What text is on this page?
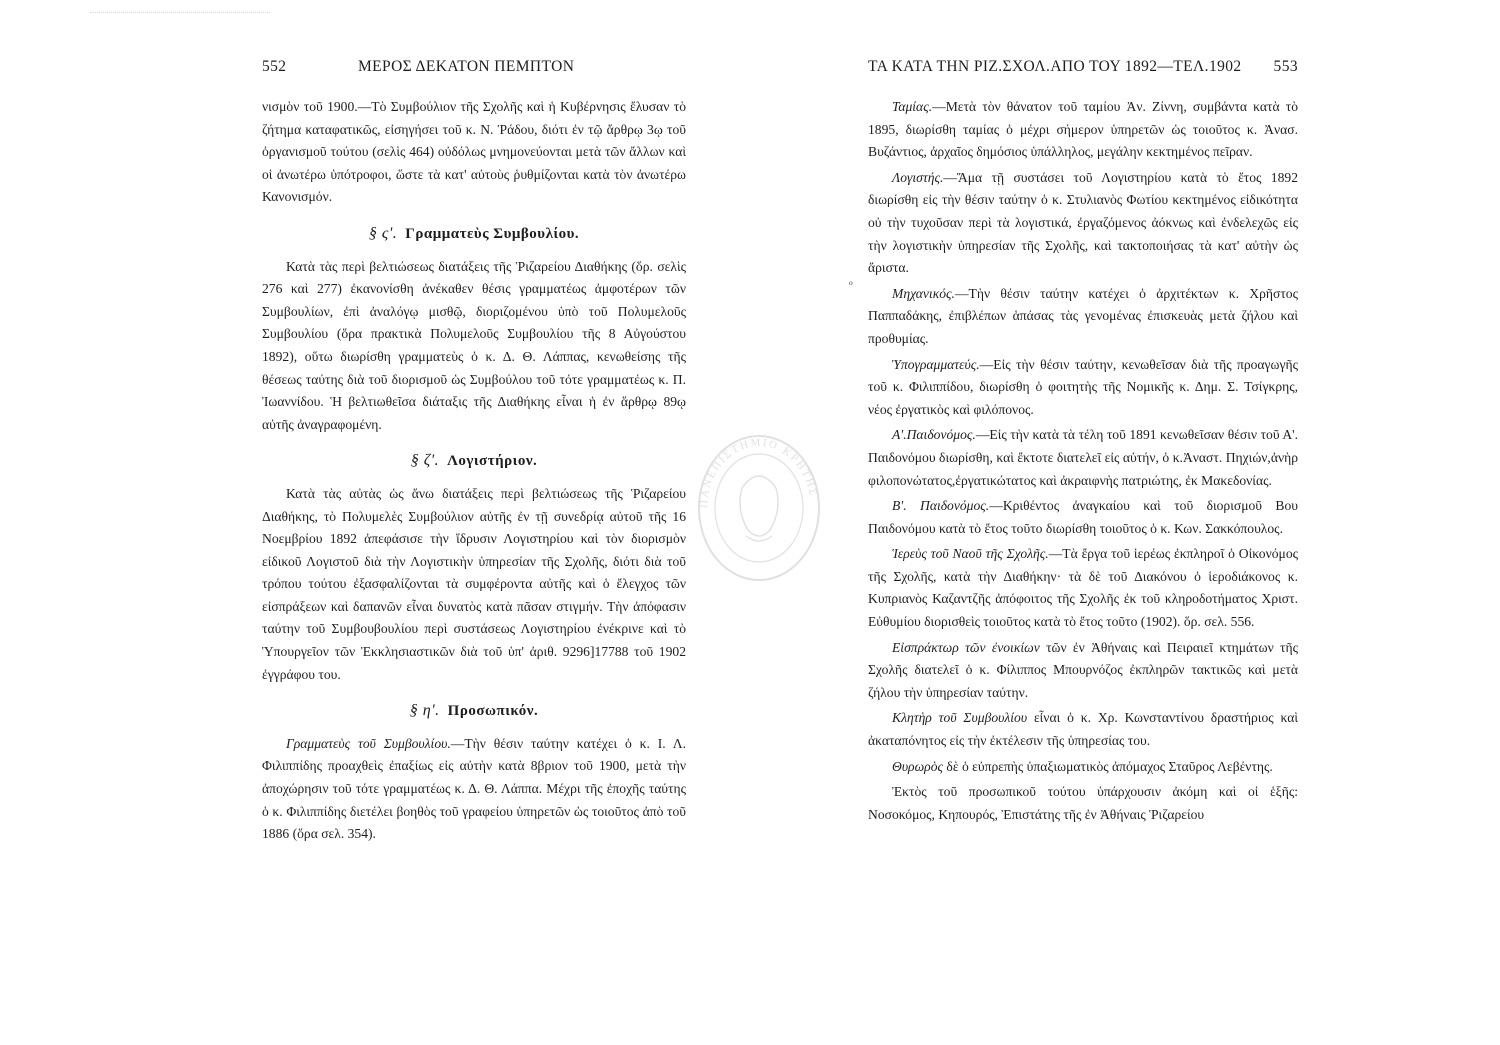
552	ΜΕΡΟΣ ΔΕΚΑΤΟΝ ΠΕΜΠΤΟΝ

νισμὸν τοῦ 1900.—Τὸ Συμβούλιον τῆς Σχολῆς καὶ ἡ Κυβέρνησις ἔλυσαν τὸ ζήτημα καταφατικῶς, εἰσηγήσει τοῦ κ. Ν. Ῥάδου, διότι ἐν τῷ ἄρθρῳ 3ῳ τοῦ ὀργανισμοῦ τούτου (σελὶς 464) οὐδόλως μνημονεύονται μετὰ τῶν ἄλλων καὶ οἱ ἀνωτέρω ὑπότροφοι, ὥστε τὰ κατ' αὐτοὺς ῥυθμίζονται κατὰ τὸν ἀνωτέρω Κανονισμόν.

§ ς'. Γραμματεὺς Συμβουλίου.

Κατὰ τὰς περὶ βελτιώσεως διατάξεις τῆς Ῥιζαρείου Διαθήκης (ὅρ. σελὶς 276 καὶ 277) ἐκανονίσθη ἀνέκαθεν θέσις γραμματέως ἀμφοτέρων τῶν Συμβουλίων, ἐπὶ ἀναλόγῳ μισθῷ, διοριζομένου ὑπὸ τοῦ Πολυμελοῦς Συμβουλίου (ὅρα πρακτικὰ Πολυμελοῦς Συμβουλίου τῆς 8 Αὐγούστου 1892), οὕτω διωρίσθη γραμματεὺς ὁ κ. Δ. Θ. Λάππας, κενωθείσης τῆς θέσεως ταύτης διὰ τοῦ διορισμοῦ ὡς Συμβούλου τοῦ τότε γραμματέως κ. Π. Ἰωαννίδου. Ἡ βελτιωθεῖσα διάταξις τῆς Διαθήκης εἶναι ἡ ἐν ἄρθρῳ 89ῳ αὐτῆς ἀναγραφομένη.

§ ζ'. Λογιστήριον.

Κατὰ τὰς αὐτὰς ὡς ἄνω διατάξεις περὶ βελτιώσεως τῆς Ῥιζαρείου Διαθήκης, τὸ Πολυμελὲς Συμβούλιον αὐτῆς ἐν τῇ συνεδρίᾳ αὐτοῦ τῆς 16 Νοεμβρίου 1892 ἀπεφάσισε τὴν ἵδρυσιν Λογιστηρίου καὶ τὸν διορισμὸν εἰδικοῦ Λογιστοῦ διὰ τὴν Λογιστικὴν ὑπηρεσίαν τῆς Σχολῆς, διότι διὰ τοῦ τρόπου τούτου ἐξασφαλίζονται τὰ συμφέροντα αὐτῆς καὶ ὁ ἔλεγχος τῶν εἰσπράξεων καὶ δαπανῶν εἶναι δυνατὸς κατὰ πᾶσαν στιγμήν. Τὴν ἀπόφασιν ταύτην τοῦ Συμβουβουλίου περὶ συστάσεως Λογιστηρίου ἐνέκρινε καὶ τὸ Ὑπουργεῖον τῶν Ἐκκλησιαστικῶν διὰ τοῦ ὑπ' ἀριθ. 9296]17788 τοῦ 1902 ἐγγράφου του.

§ η'. Προσωπικόν.

Γραμματεὺς τοῦ Συμβουλίου.—Τὴν θέσιν ταύτην κατέχει ὁ κ. Ι. Λ. Φιλιππίδης προαχθεὶς ἐπαξίως εἰς αὐτὴν κατὰ 8βριον τοῦ 1900, μετὰ τὴν ἀποχώρησιν τοῦ τότε γραμματέως κ. Δ. Θ. Λάππα. Μέχρι τῆς ἐποχῆς ταύτης ὁ κ. Φιλιππίδης διετέλει βοηθὸς τοῦ γραφείου ὑπηρετῶν ὡς τοιοῦτος ἀπὸ τοῦ 1886 (ὅρα σελ. 354).

ΠΑΝΕΠΙΣΤΗΜΙΟ ΚΡΗΤΗΣ
º
ΤΑ ΚΑΤΑ ΤΗΝ ΡΙΖ.ΣΧΟΛ.ΑΠΟ ΤΟΥ 1892—ΤΕΛ.1902 553

Ταμίας.—Μετὰ τὸν θάνατον τοῦ ταμίου Ἀν. Ζίννη, συμβάντα κατὰ τὸ 1895, διωρίσθη ταμίας ὁ μέχρι σήμερον ὑπηρετῶν ὡς τοιοῦτος κ. Ἀνασ. Βυζάντιος, ἀρχαῖος δημόσιος ὑπάλληλος, μεγάλην κεκτημένος πεῖραν.

Λογιστής.—Ἅμα τῇ συστάσει τοῦ Λογιστηρίου κατὰ τὸ ἔτος 1892 διωρίσθη εἰς τὴν θέσιν ταύτην ὁ κ. Στυλιανὸς Φωτίου κεκτημένος εἰδικότητα οὐ τὴν τυχοῦσαν περὶ τὰ λογιστικά, ἐργαζόμενος ἀόκνως καὶ ἐνδελεχῶς εἰς τὴν λογιστικὴν ὑπηρεσίαν τῆς Σχολῆς, καὶ τακτοποιήσας τὰ κατ' αὐτὴν ὡς ἄριστα.

Μηχανικός.—Τὴν θέσιν ταύτην κατέχει ὁ ἀρχιτέκτων κ. Χρῆστος Παππαδάκης, ἐπιβλέπων ἁπάσας τὰς γενομένας ἐπισκευὰς μετὰ ζήλου καὶ προθυμίας.

Ὑπογραμματεύς.—Εἰς τὴν θέσιν ταύτην, κενωθεῖσαν διὰ τῆς προαγωγῆς τοῦ κ. Φιλιππίδου, διωρίσθη ὁ φοιτητὴς τῆς Νομικῆς κ. Δημ. Σ. Τσίγκρης, νέος ἐργατικὸς καὶ φιλόπονος.

Α'.Παιδονόμος.—Εἰς τὴν κατὰ τὰ τέλη τοῦ 1891 κενωθεῖσαν θέσιν τοῦ Α'. Παιδονόμου διωρίσθη, καὶ ἔκτοτε διατελεῖ εἰς αὐτήν, ὁ κ.Ἀναστ. Πηχιών,ἀνὴρ φιλοπονώτατος,ἐργατικώτατος καὶ ἀκραιφνὴς πατριώτης, ἐκ Μακεδονίας.

Β'. Παιδονόμος.—Κριθέντος ἀναγκαίου καὶ τοῦ διορισμοῦ Βου Παιδονόμου κατὰ τὸ ἔτος τοῦτο διωρίσθη τοιοῦτος ὁ κ. Κων. Σακκόπουλος.

Ἱερεὺς τοῦ Ναοῦ τῆς Σχολῆς.—Τὰ ἔργα τοῦ ἱερέως ἐκπληροῖ ὁ Οἰκονόμος τῆς Σχολῆς, κατὰ τὴν Διαθήκην· τὰ δὲ τοῦ Διακόνου ὁ ἱεροδιάκονος κ. Κυπριανὸς Καζαντζῆς ἀπόφοιτος τῆς Σχολῆς ἐκ τοῦ κληροδοτήματος Χριστ. Εὐθυμίου διορισθεὶς τοιοῦτος κατὰ τὸ ἔτος τοῦτο (1902). ὅρ. σελ. 556.

Εἰσπράκτωρ τῶν ἐνοικίων τῶν ἐν Ἀθήναις καὶ Πειραιεῖ κτημάτων τῆς Σχολῆς διατελεῖ ὁ κ. Φίλιππος Μπουρνόζος ἐκπληρῶν τακτικῶς καὶ μετὰ ζήλου τὴν ὑπηρεσίαν ταύτην.

Κλητὴρ τοῦ Συμβουλίου εἶναι ὁ κ. Χρ. Κωνσταντίνου δραστήριος καὶ ἀκαταπόνητος εἰς τὴν ἐκτέλεσιν τῆς ὑπηρεσίας του.

Θυρωρὸς δὲ ὁ εὐπρεπὴς ὑπαξιωματικὸς ἀπόμαχος Σταῦρος Λεβέντης.

Ἐκτὸς τοῦ προσωπικοῦ τούτου ὑπάρχουσιν ἀκόμη καὶ οἱ ἑξῆς: Νοσοκόμος, Κηπουρός, Ἐπιστάτης τῆς ἐν Ἀθήναις Ῥιζαρείου
